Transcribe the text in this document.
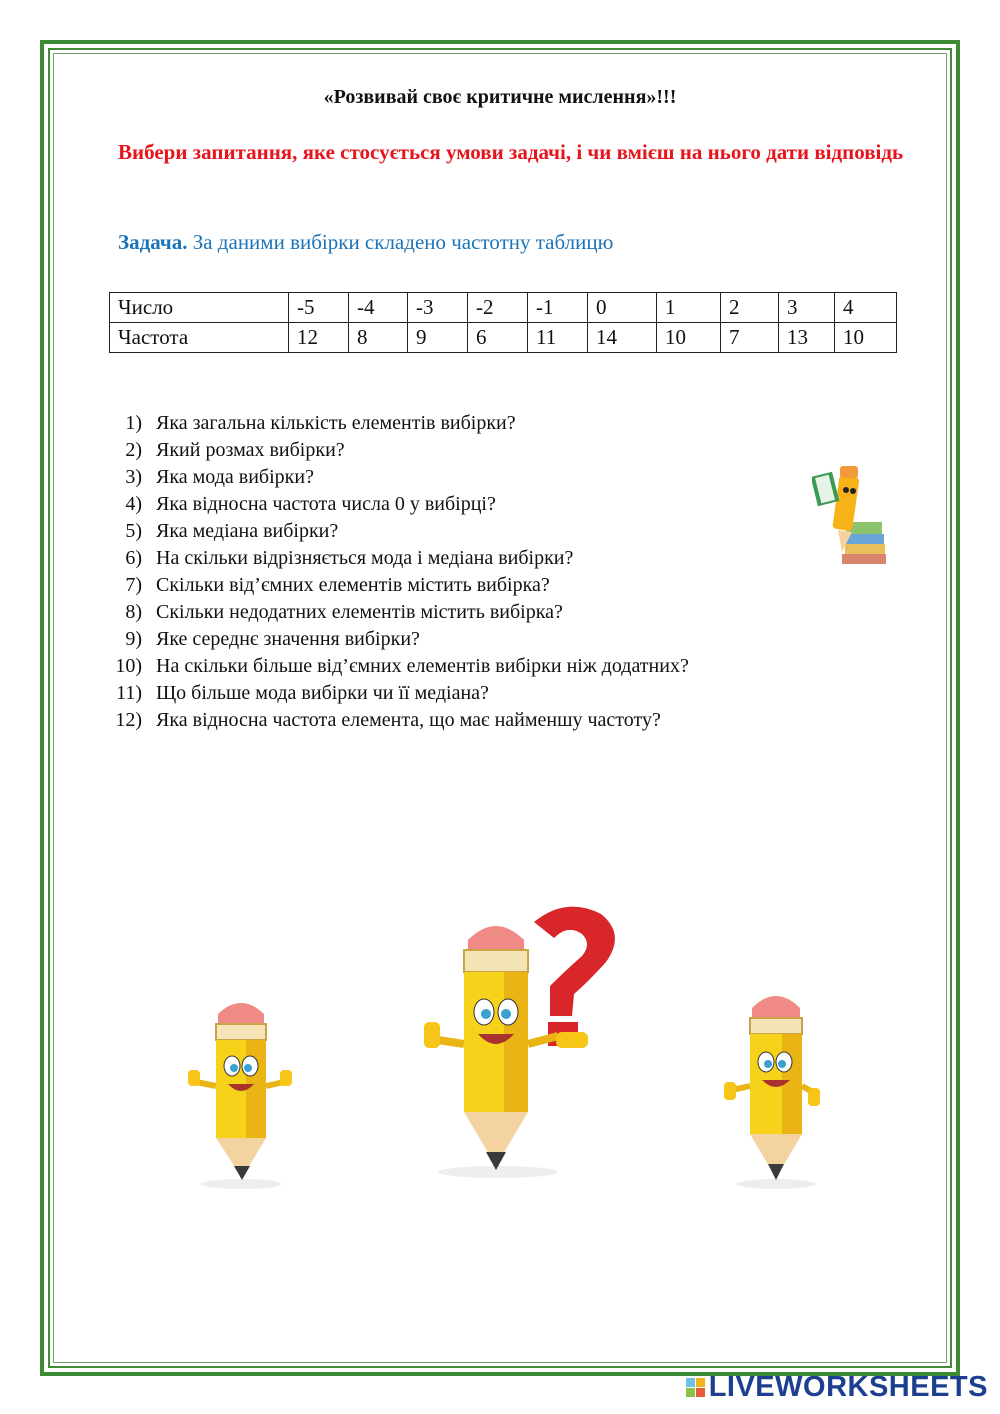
«Розвивай своє критичне мислення»!!!
Вибери запитання, яке стосується умови задачі, і чи вмієш на нього дати відповідь
Задача. За даними вибірки складено частотну таблицю
Число	-5	-4	-3	-2	-1	0	1	2	3	4
Частота	12	8	9	6	11	14	10	7	13	10
1) Яка загальна кількість елементів вибірки?
2) Який розмах вибірки?
3) Яка мода вибірки?
4) Яка відносна частота числа 0 у вибірці?
5) Яка медіана вибірки?
6) На скільки відрізняється мода і медіана вибірки?
7) Скільки від’ємних елементів містить вибірка?
8) Скільки недодатних елементів містить вибірка?
9) Яке середнє значення вибірки?
10) На скільки більше від’ємних елементів вибірки ніж додатних?
11) Що більше мода вибірки чи її медіана?
12) Яка відносна частота елемента, що має найменшу частоту?
LIVEWORKSHEETS
